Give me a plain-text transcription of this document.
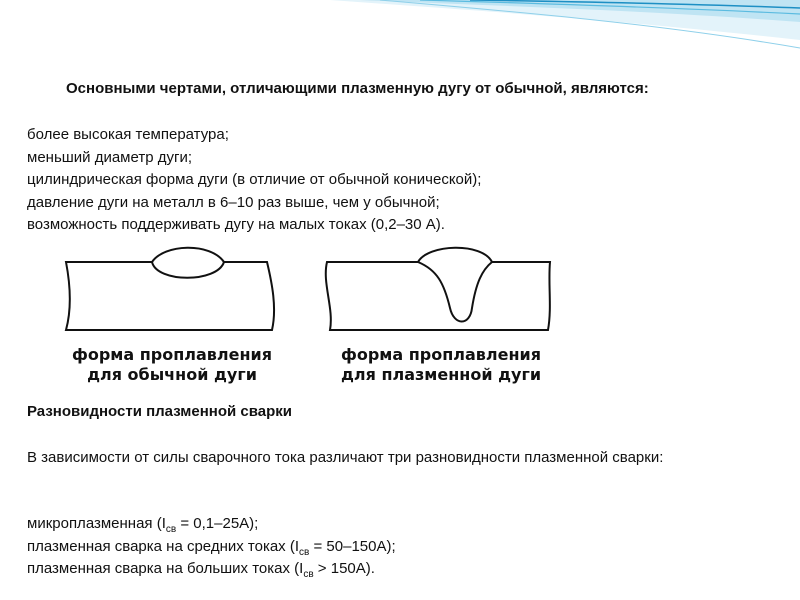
Основными чертами, отличающими плазменную дугу от обычной, являются:
более высокая температура;
меньший диаметр дуги;
цилиндрическая форма дуги (в отличие от обычной конической);
давление дуги на металл в 6–10 раз выше, чем у обычной;
возможность поддерживать дугу на малых токах (0,2–30 А).
форма проплавления
для обычной дуги
форма проплавления
для плазменной дуги
Разновидности плазменной сварки
В зависимости от силы сварочного тока различают три разновидности плазменной сварки:
микроплазменная $(I_{св} = 0,1-25А)$;
плазменная сварка на средних токах $(I_{св} = 50-150А)$;
плазменная сварка на больших токах $(I_{св} > 150А)$.
